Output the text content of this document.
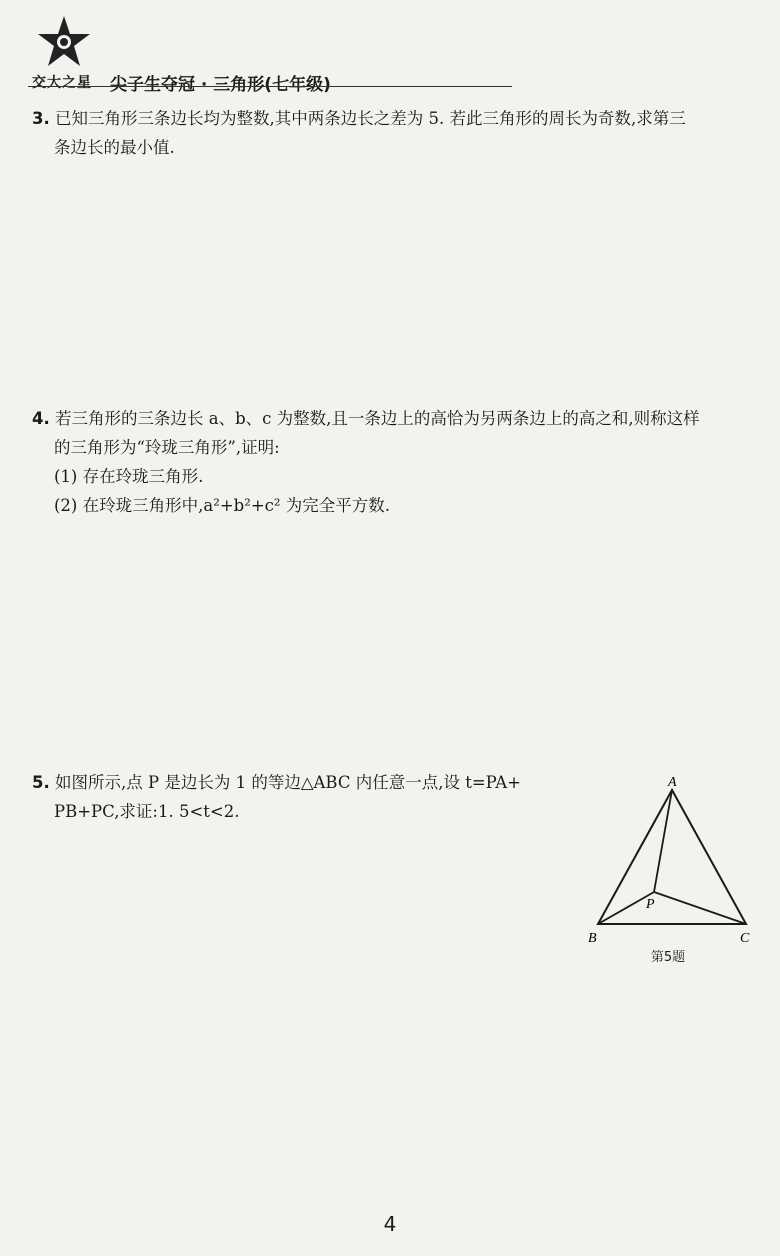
交大之星 尖子生夺冠 · 三角形(七年级)
3. 已知三角形三条边长均为整数,其中两条边长之差为 5. 若此三角形的周长为奇数,求第三
条边长的最小值.
4. 若三角形的三条边长 a、b、c 为整数,且一条边上的高恰为另两条边上的高之和,则称这样
的三角形为“玲珑三角形”,证明:
(1) 存在玲珑三角形.
(2) 在玲珑三角形中,a²+b²+c² 为完全平方数.
5. 如图所示,点 P 是边长为 1 的等边△ABC 内任意一点,设 t=PA+
PB+PC,求证:1. 5<t<2.
A
B	C
P
第5题
4
